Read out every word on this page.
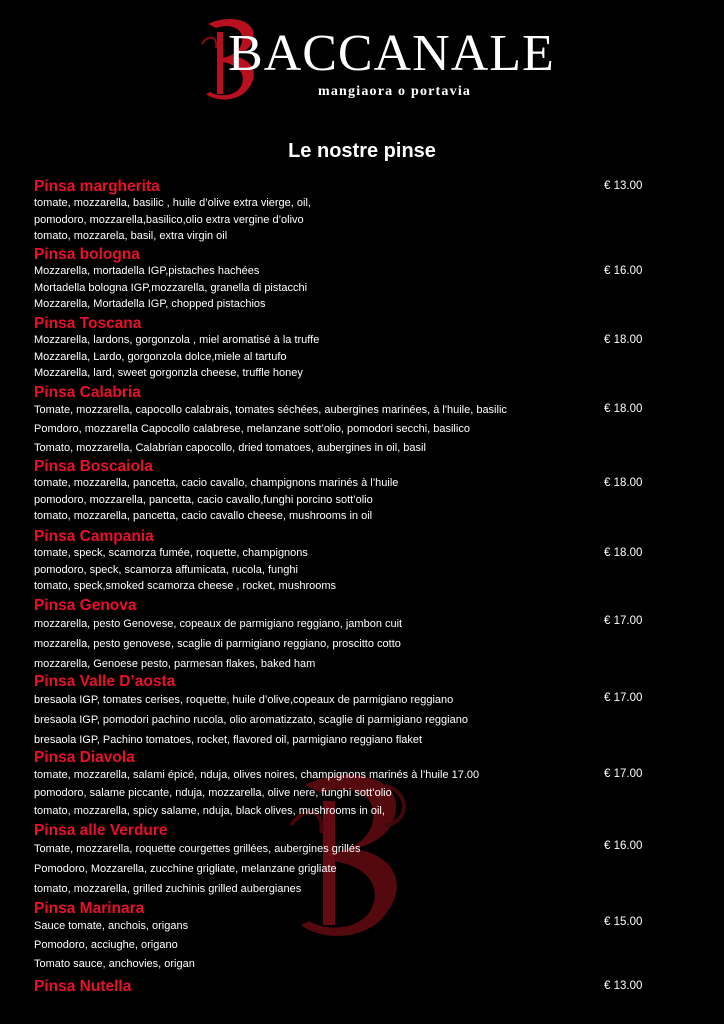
BACCANALE
mangiaora o portavia
Le nostre pinse
Pinsa margherita
tomate, mozzarella, basilic , huile d’olive extra vierge, oil,
pomodoro, mozzarella,basilico,olio extra vergine d’olivo
tomato, mozzarela, basil, extra virgin oil
€ 13.00
Pinsa bologna
Mozzarella, mortadella IGP,pistaches hachées
Mortadella bologna IGP,mozzarella, granella di pistacchi
Mozzarella, Mortadella IGP, chopped pistachios
€ 16.00
Pinsa Toscana
Mozzarella, lardons, gorgonzola , miel aromatisé à la truffe
Mozzarella, Lardo, gorgonzola dolce,miele al tartufo
Mozzarella, lard, sweet gorgonzla cheese, truffle honey
€ 18.00
Pinsa Calabria
Tomate, mozzarella, capocollo calabrais, tomates séchées, aubergines marinées, à l'huile, basilic
Pomdoro, mozzarella Capocollo calabrese, melanzane sott’olio, pomodori secchi, basilico
Tomato, mozzarella, Calabrian capocollo, dried tomatoes, aubergines in oil, basil
€ 18.00
Pinsa Boscaiola
tomate, mozzarella, pancetta, cacio cavallo, champignons marinés à l’huile
pomodoro, mozzarella, pancetta, cacio cavallo,funghi porcino sott’olio
tomato, mozzarella, pancetta, cacio cavallo cheese, mushrooms in oil
€ 18.00
Pinsa Campania
tomate, speck, scamorza fumée, roquette, champignons
pomodoro, speck, scamorza affumicata, rucola, funghi
tomato, speck,smoked scamorza cheese , rocket, mushrooms
€ 18.00
Pinsa Genova
mozzarella, pesto Genovese, copeaux de parmigiano reggiano, jambon cuit
mozzarella, pesto genovese, scaglie di parmigiano reggiano, proscitto cotto
mozzarella, Genoese pesto, parmesan flakes, baked ham
€ 17.00
Pinsa Valle D’aosta
bresaola IGP, tomates cerises, roquette, huile d’olive,copeaux de parmigiano reggiano
bresaola IGP, pomodori pachino rucola, olio aromatizzato, scaglie di parmigiano reggiano
bresaola IGP, Pachino tomatoes, rocket, flavored oil, parmigiano reggiano flaket
€ 17.00
Pinsa Diavola
tomate, mozzarella, salami épicé, nduja, olives noires, champignons marinés à l’huile 17.00
pomodoro, salame piccante, nduja, mozzarella, olive nere, funghi sott’olio
tomato, mozzarella, spicy salame, nduja, black olives, mushrooms in oil,
€ 17.00
Pinsa alle Verdure
Tomate, mozzarella, roquette courgettes grillées, aubergines grillés
Pomodoro, Mozzarella, zucchine grigliate, melanzane grigliate
tomato, mozzarella, grilled zuchinis grilled aubergianes
€ 16.00
Pinsa Marinara
Sauce tomate, anchois, origans
Pomodoro, acciughe, origano
Tomato sauce, anchovies, origan
€ 15.00
Pinsa Nutella	€ 13.00
